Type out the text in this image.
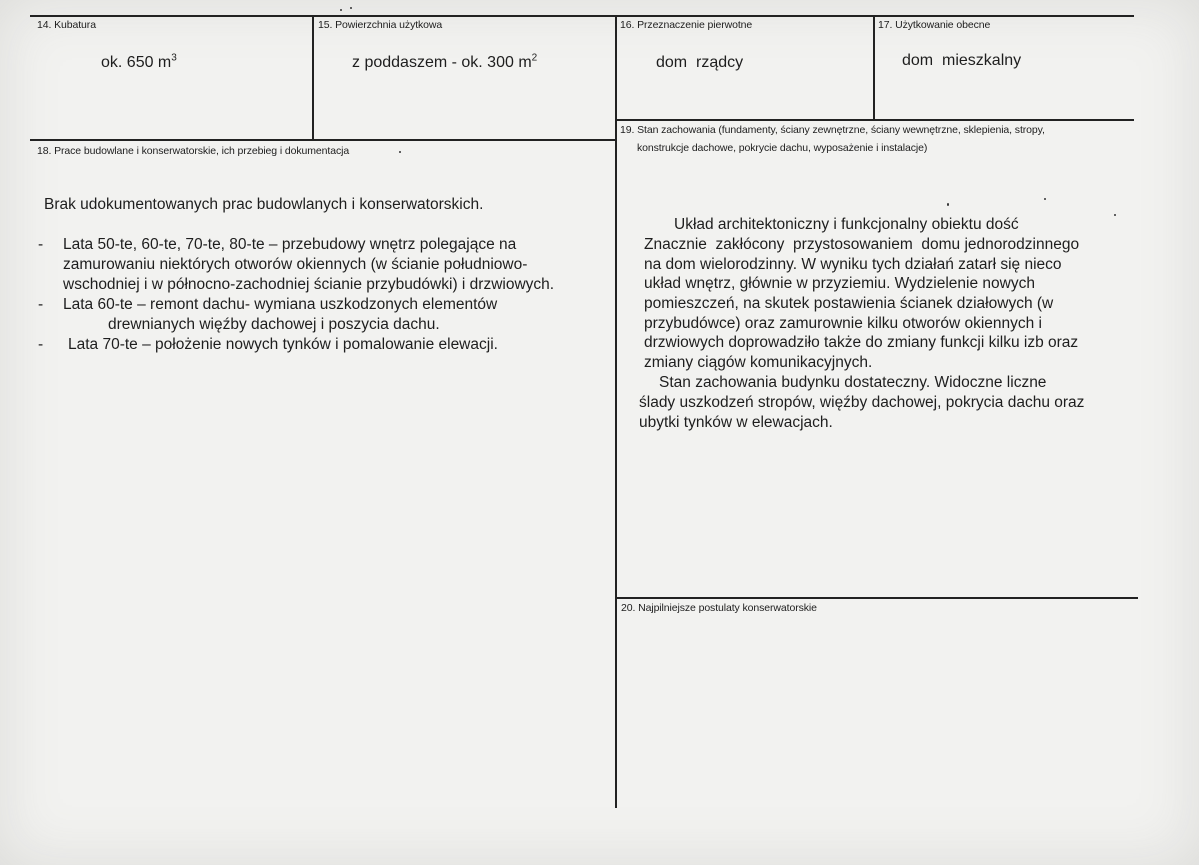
14. Kubatura
ok. 650 $m^3$
15. Powierzchnia użytkowa
z poddaszem - ok. 300 $m^2$
16. Przeznaczenie pierwotne
dom  rządcy
17. Użytkowanie obecne
dom  mieszkalny
18. Prace budowlane i konserwatorskie, ich przebieg i dokumentacja
Brak udokumentowanych prac budowlanych i konserwatorskich.
- Lata 50-te, 60-te, 70-te, 80-te – przebudowy wnętrz polegające na
zamurowaniu niektórych otworów okiennych (w ścianie południowo-
wschodniej i w północno-zachodniej ścianie przybudówki) i drzwiowych.
- Lata 60-te – remont dachu- wymiana uszkodzonych elementów
drewnianych więźby dachowej i poszycia dachu.
- Lata 70-te – położenie nowych tynków i pomalowanie elewacji.
19. Stan zachowania (fundamenty, ściany zewnętrzne, ściany wewnętrzne, sklepienia, stropy,
konstrukcje dachowe, pokrycie dachu, wyposażenie i instalacje)
Układ architektoniczny i funkcjonalny obiektu dość
Znacznie  zakłócony  przystosowaniem  domu jednorodzinnego
na dom wielorodzinny. W wyniku tych działań zatarł się nieco
układ wnętrz, głównie w przyziemiu. Wydzielenie nowych
pomieszczeń, na skutek postawienia ścianek działowych (w
przybudówce) oraz zamurownie kilku otworów okiennych i
drzwiowych doprowadziło także do zmiany funkcji kilku izb oraz
zmiany ciągów komunikacyjnych.
Stan zachowania budynku dostateczny. Widoczne liczne
ślady uszkodzeń stropów, więźby dachowej, pokrycia dachu oraz
ubytki tynków w elewacjach.
20. Najpilniejsze postulaty konserwatorskie
